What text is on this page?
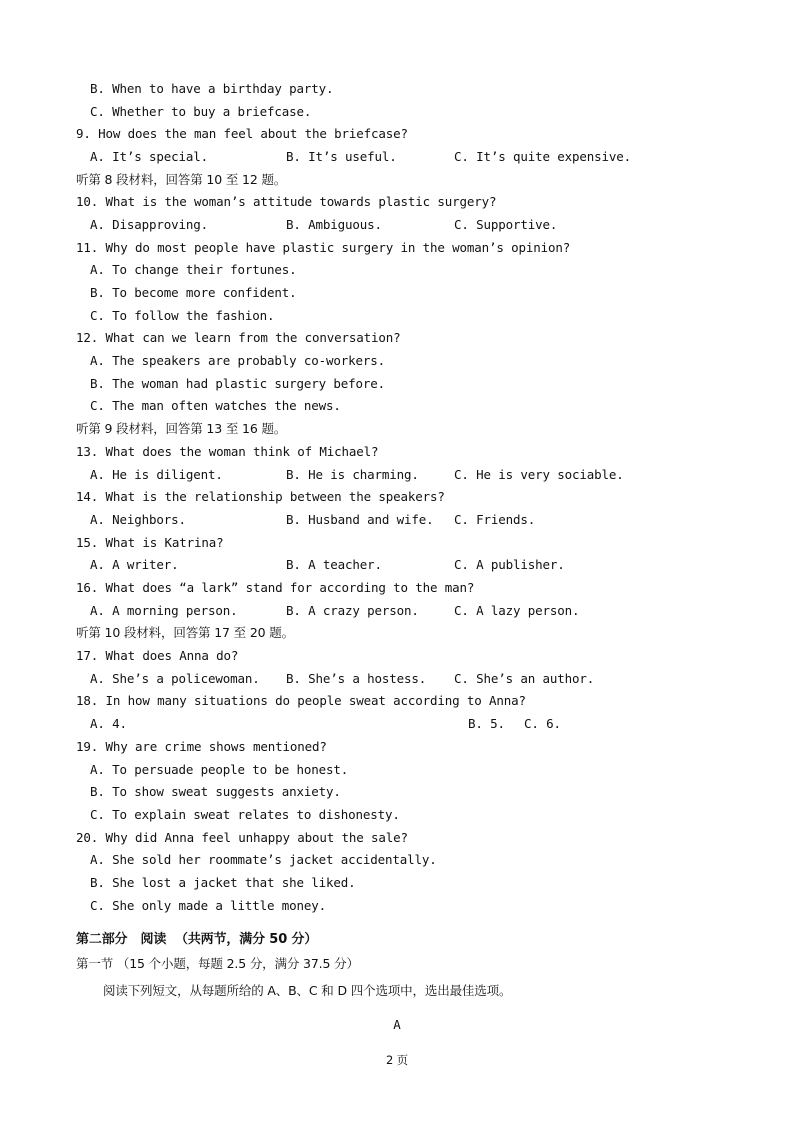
B. When to have a birthday party.
C. Whether to buy a briefcase.
9. How does the man feel about the briefcase?
A. It’s special.	B. It’s useful.	C. It’s quite expensive.
听第 8 段材料，回答第 10 至 12 题。
10. What is the woman’s attitude towards plastic surgery?
A. Disapproving.	B. Ambiguous.	C. Supportive.
11. Why do most people have plastic surgery in the woman’s opinion?
A. To change their fortunes.
B. To become more confident.
C. To follow the fashion.
12. What can we learn from the conversation?
A. The speakers are probably co-workers.
B. The woman had plastic surgery before.
C. The man often watches the news.
听第 9 段材料，回答第 13 至 16 题。
13. What does the woman think of Michael?
A. He is diligent.	B. He is charming.	C. He is very sociable.
14. What is the relationship between the speakers?
A. Neighbors.	B. Husband and wife. C. Friends.
15. What is Katrina?
A. A writer.	B. A teacher.	C. A publisher.
16. What does “a lark” stand for according to the man?
A. A morning person.	B. A crazy person.	C. A lazy person.
听第 10 段材料，回答第 17 至 20 题。
17. What does Anna do?
A. She’s a policewoman. B. She’s a hostess. C. She’s an author.
18. In how many situations do people sweat according to Anna?
A. 4.	B. 5. C. 6.
19. Why are crime shows mentioned?
A. To persuade people to be honest.
B. To show sweat suggests anxiety.
C. To explain sweat relates to dishonesty.
20. Why did Anna feel unhappy about the sale?
A. She sold her roommate’s jacket accidentally.
B. She lost a jacket that she liked.
C. She only made a little money.
第二部分   阅读  （共两节，满分 50 分）
第一节 （15 个小题，每题 2.5 分，满分 37.5 分）
阅读下列短文，从每题所给的 A、B、C 和 D 四个选项中，选出最佳选项。
A
2 页
